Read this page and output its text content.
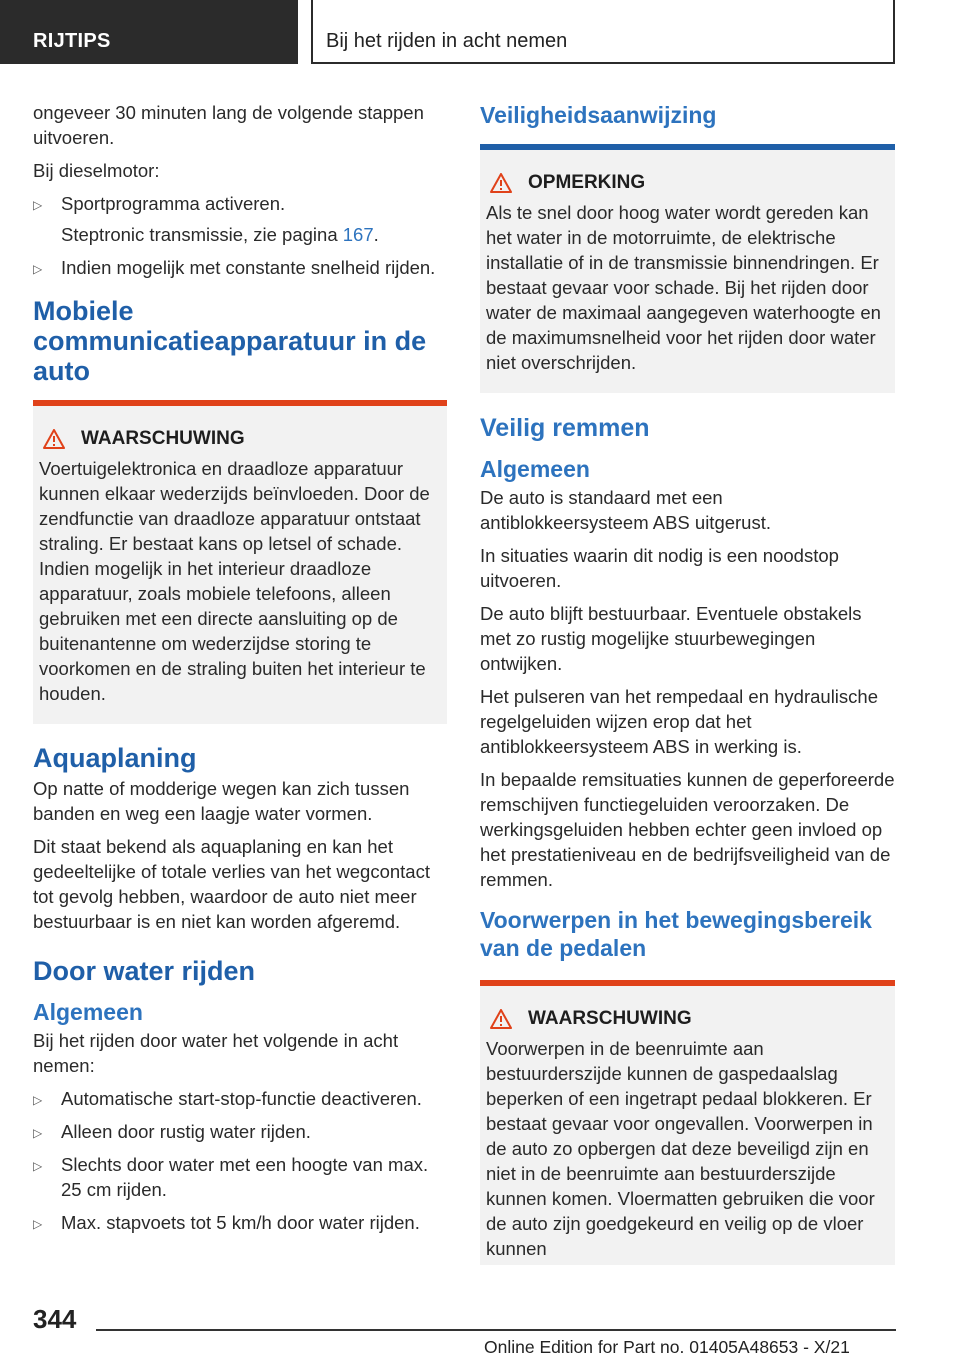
RIJTIPS	Bij het rijden in acht nemen

ongeveer 30 minuten lang de volgende stappen uitvoeren.

Bij dieselmotor:

▷ Sportprogramma activeren.
Steptronic transmissie, zie pagina 167.
▷ Indien mogelijk met constante snelheid rijden.
Mobiele communicatieapparatuur in de auto
WAARSCHUWING
Voertuigelektronica en draadloze apparatuur kunnen elkaar wederzijds beïnvloeden. Door de zendfunctie van draadloze apparatuur ontstaat straling. Er bestaat kans op letsel of schade. Indien mogelijk in het interieur draadloze apparatuur, zoals mobiele telefoons, alleen gebruiken met een directe aansluiting op de buitenantenne om wederzijdse storing te voorkomen en de straling buiten het interieur te houden.
Aquaplaning

Op natte of modderige wegen kan zich tussen banden en weg een laagje water vormen.

Dit staat bekend als aquaplaning en kan het gedeeltelijke of totale verlies van het wegcontact tot gevolg hebben, waardoor de auto niet meer bestuurbaar is en niet kan worden afgeremd.

Door water rijden
Algemeen

Bij het rijden door water het volgende in acht nemen:

▷ Automatische start-stop-functie deactiveren.
▷ Alleen door rustig water rijden.
▷ Slechts door water met een hoogte van max. 25 cm rijden.
▷ Max. stapvoets tot 5 km/h door water rijden.
Veiligheidsaanwijzing
OPMERKING
Als te snel door hoog water wordt gereden kan het water in de motorruimte, de elektrische installatie of in de transmissie binnendringen. Er bestaat gevaar voor schade. Bij het rijden door water de maximaal aangegeven waterhoogte en de maximumsnelheid voor het rijden door water niet overschrijden.
Veilig remmen
Algemeen

De auto is standaard met een antiblokkeersysteem ABS uitgerust.

In situaties waarin dit nodig is een noodstop uitvoeren.

De auto blijft bestuurbaar. Eventuele obstakels met zo rustig mogelijke stuurbewegingen ontwijken.

Het pulseren van het rempedaal en hydraulische regelgeluiden wijzen erop dat het antiblokkeersysteem ABS in werking is.

In bepaalde remsituaties kunnen de geperforeerde remschijven functiegeluiden veroorzaken. De werkingsgeluiden hebben echter geen invloed op het prestatieniveau en de bedrijfsveiligheid van de remmen.

Voorwerpen in het bewegingsbereik van de pedalen
WAARSCHUWING
Voorwerpen in de beenruimte aan bestuurderszijde kunnen de gaspedaalslag beperken of een ingetrapt pedaal blokkeren. Er bestaat gevaar voor ongevallen. Voorwerpen in de auto zo opbergen dat deze beveiligd zijn en niet in de beenruimte aan bestuurderszijde kunnen komen. Vloermatten gebruiken die voor de auto zijn goedgekeurd en veilig op de vloer kunnen
344
Online Edition for Part no. 01405A48653 - X/21
